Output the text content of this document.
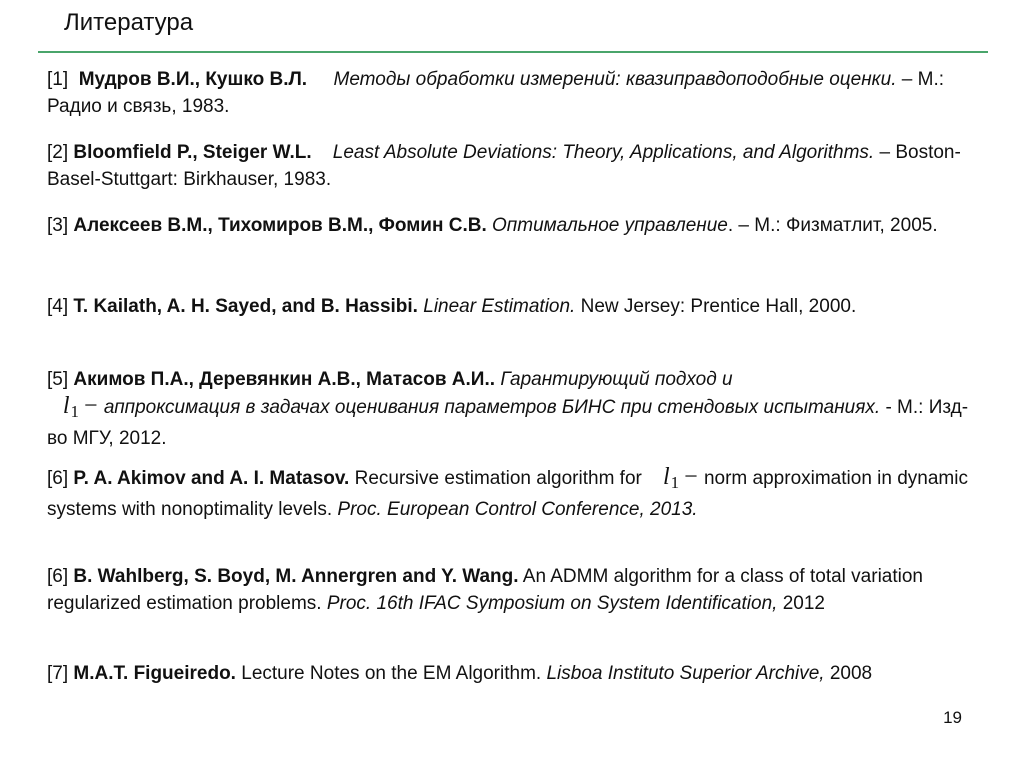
Литература

[1] Мудров В.И., Кушко В.Л. Методы обработки измерений: квазиправдоподобные оценки. – М.: Радио и связь, 1983.

[2] Bloomfield P., Steiger W.L. Least Absolute Deviations: Theory, Applications, and Algorithms. – Boston-Basel-Stuttgart: Birkhauser, 1983.

[3] Алексеев В.М., Тихомиров В.М., Фомин С.В. Оптимальное управление. – М.: Физматлит, 2005.

[4] T. Kailath, A. H. Sayed, and B. Hassibi. Linear Estimation. New Jersey: Prentice Hall, 2000.

[5] Акимов П.А., Деревянкин А.В., Матасов А.И.. Гарантирующий подход и
$l_1$ − аппроксимация в задачах оценивания параметров БИНС при стендовых испытаниях. - М.: Изд-во МГУ, 2012.

[6] P. A. Akimov and A. I. Matasov. Recursive estimation algorithm for $l_1$ − norm approximation in dynamic systems with nonoptimality levels. Proc. European Control Conference, 2013.

[6] B. Wahlberg, S. Boyd, M. Annergren and Y. Wang. An ADMM algorithm for a class of total variation regularized estimation problems. Proc. 16th IFAC Symposium on System Identification, 2012

[7] M.A.T. Figueiredo. Lecture Notes on the EM Algorithm. Lisboa Instituto Superior Archive, 2008

19
